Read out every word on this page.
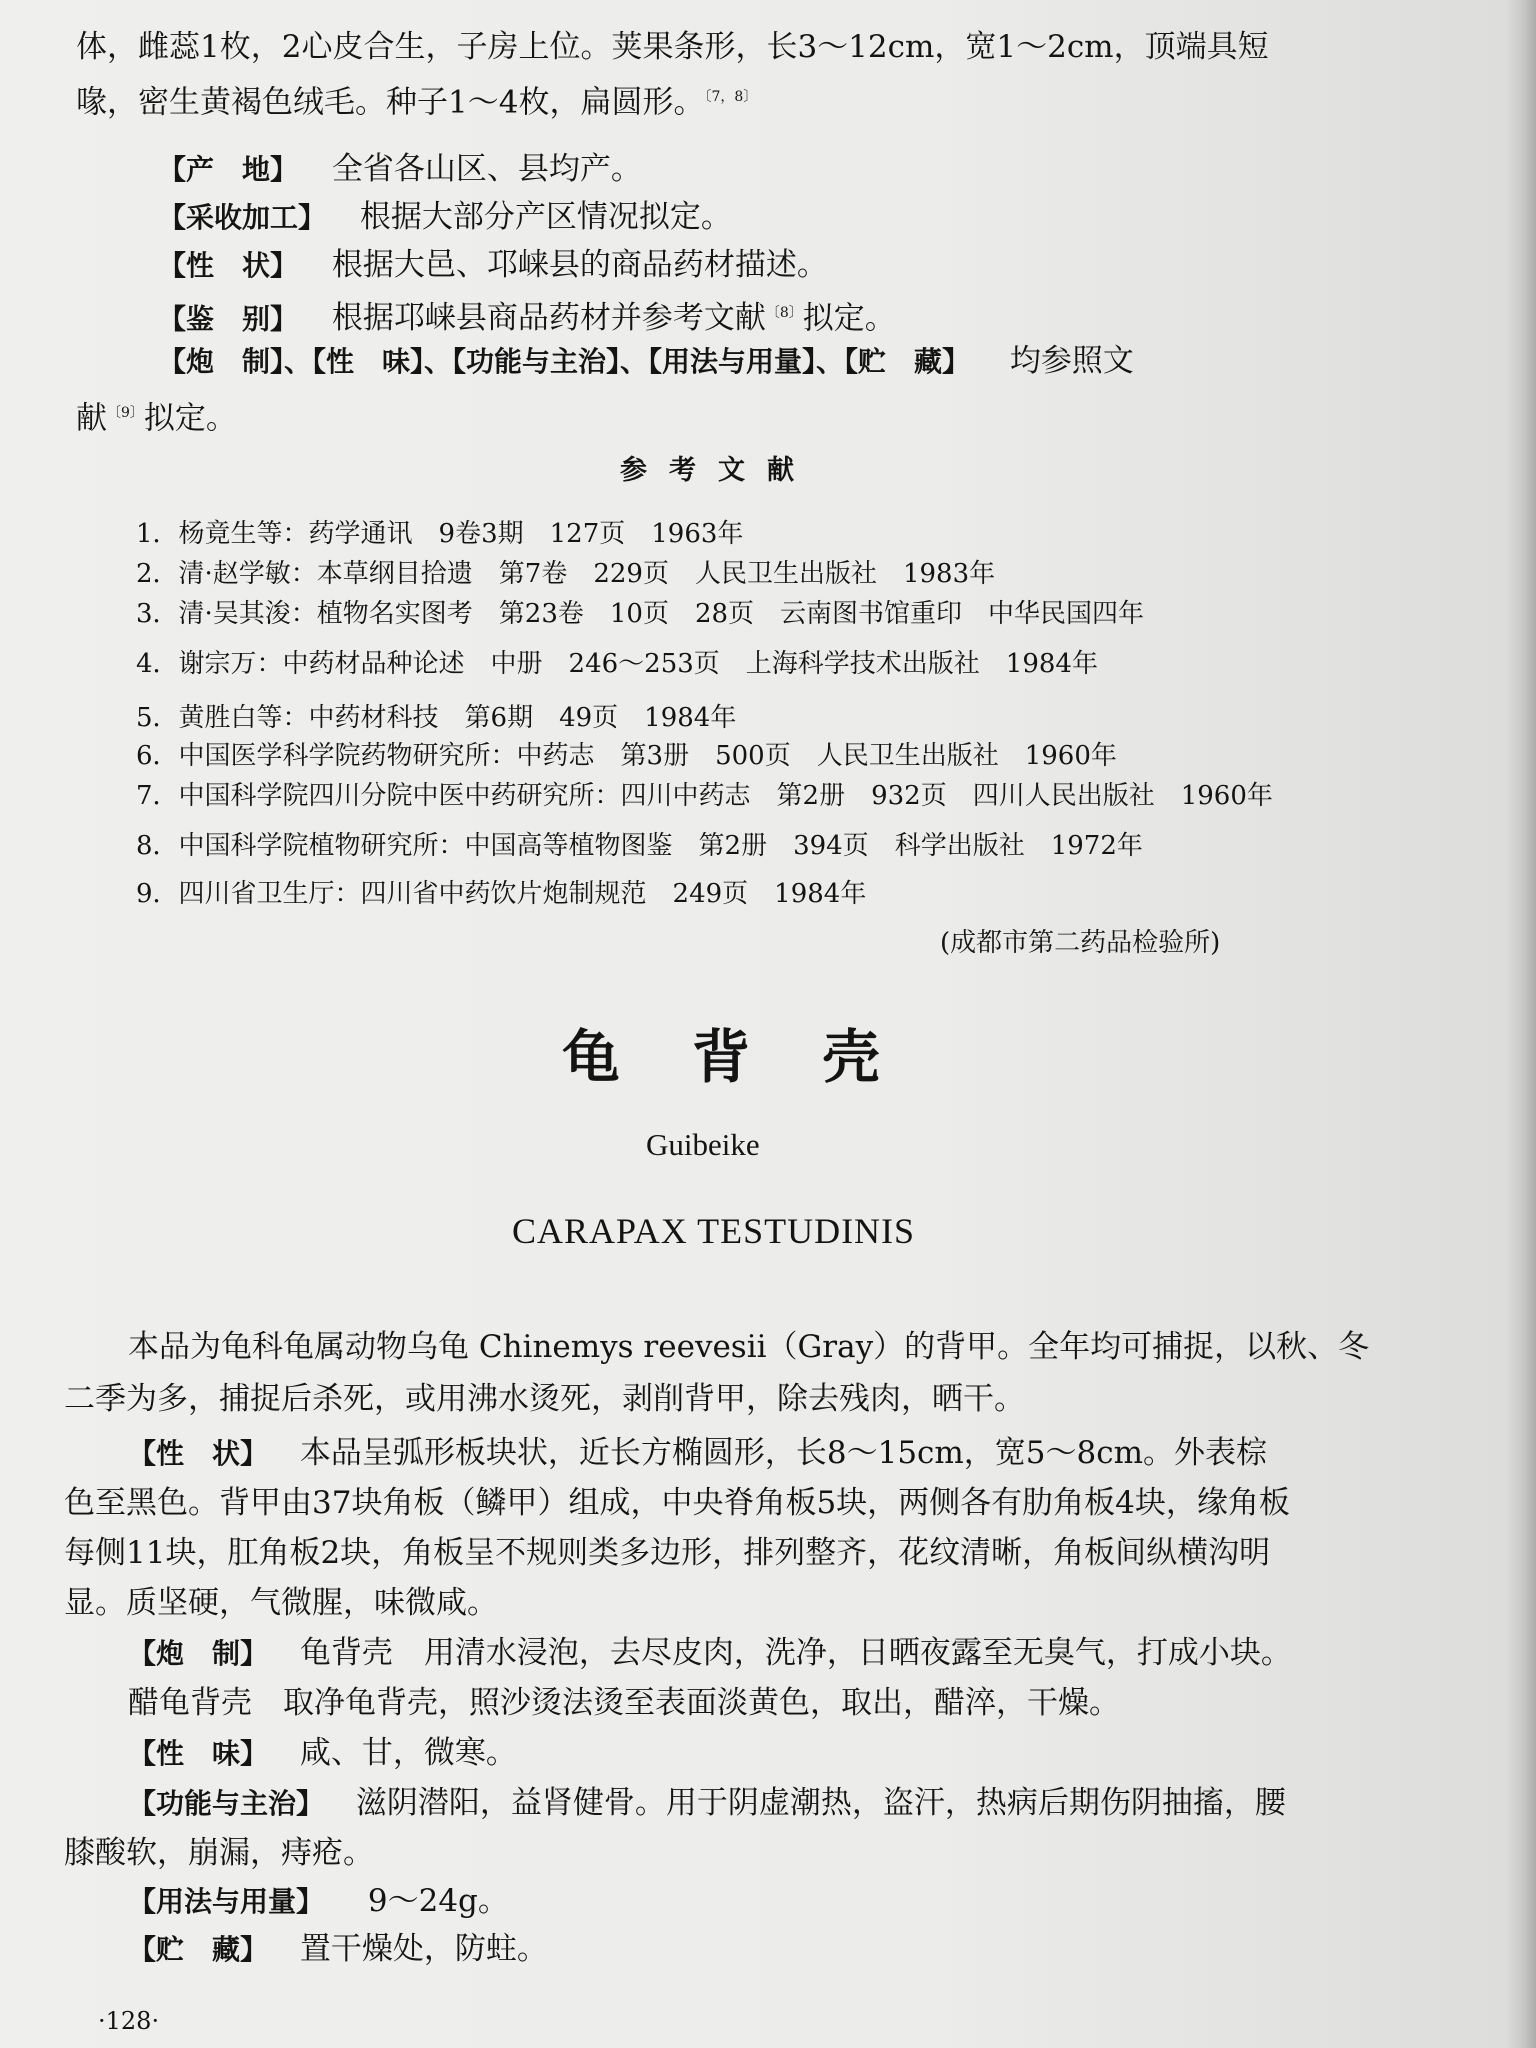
体，雌蕊1枚，2心皮合生，子房上位。荚果条形，长3～12cm，宽1～2cm，顶端具短
喙，密生黄褐色绒毛。种子1～4枚，扁圆形。$^{〔7,8〕}$
【产　地】 全省各山区、县均产。
【采收加工】 根据大部分产区情况拟定。
【性　状】 根据大邑、邛崃县的商品药材描述。
【鉴　别】 根据邛崃县商品药材并参考文献$^{〔8〕}$拟定。
【炮　制】、【性　味】、【功能与主治】、【用法与用量】、【贮　藏】 均参照文
献$^{〔9〕}$拟定。
参考文献
1．杨竟生等：药学通讯　9卷3期　127页　1963年
2．清·赵学敏：本草纲目拾遗　第7卷　229页　人民卫生出版社　1983年
3．清·吴其浚：植物名实图考　第23卷　10页　28页　云南图书馆重印　中华民国四年
4．谢宗万：中药材品种论述　中册　246～253页　上海科学技术出版社　1984年
5．黄胜白等：中药材科技　第6期　49页　1984年
6．中国医学科学院药物研究所：中药志　第3册　500页　人民卫生出版社　1960年
7．中国科学院四川分院中医中药研究所：四川中药志　第2册　932页　四川人民出版社　1960年
8．中国科学院植物研究所：中国高等植物图鉴　第2册　394页　科学出版社　1972年
9．四川省卫生厅：四川省中药饮片炮制规范　249页　1984年
(成都市第二药品检验所)
龟背壳
Guibeike
CARAPAX TESTUDINIS
本品为龟科龟属动物乌龟 Chinemys reevesii（Gray）的背甲。全年均可捕捉，以秋、冬
二季为多，捕捉后杀死，或用沸水烫死，剥削背甲，除去残肉，晒干。
【性　状】 本品呈弧形板块状，近长方椭圆形，长8～15cm，宽5～8cm。外表棕
色至黑色。背甲由37块角板（鳞甲）组成，中央脊角板5块，两侧各有肋角板4块，缘角板
每侧11块，肛角板2块，角板呈不规则类多边形，排列整齐，花纹清晰，角板间纵横沟明
显。质坚硬，气微腥，味微咸。
【炮　制】 龟背壳　用清水浸泡，去尽皮肉，洗净，日晒夜露至无臭气，打成小块。
醋龟背壳　取净龟背壳，照沙烫法烫至表面淡黄色，取出，醋淬，干燥。
【性　味】 咸、甘，微寒。
【功能与主治】 滋阴潜阳，益肾健骨。用于阴虚潮热，盗汗，热病后期伤阴抽搐，腰
膝酸软，崩漏，痔疮。
【用法与用量】 9～24g。
【贮　藏】 置干燥处，防蛀。
·128·
